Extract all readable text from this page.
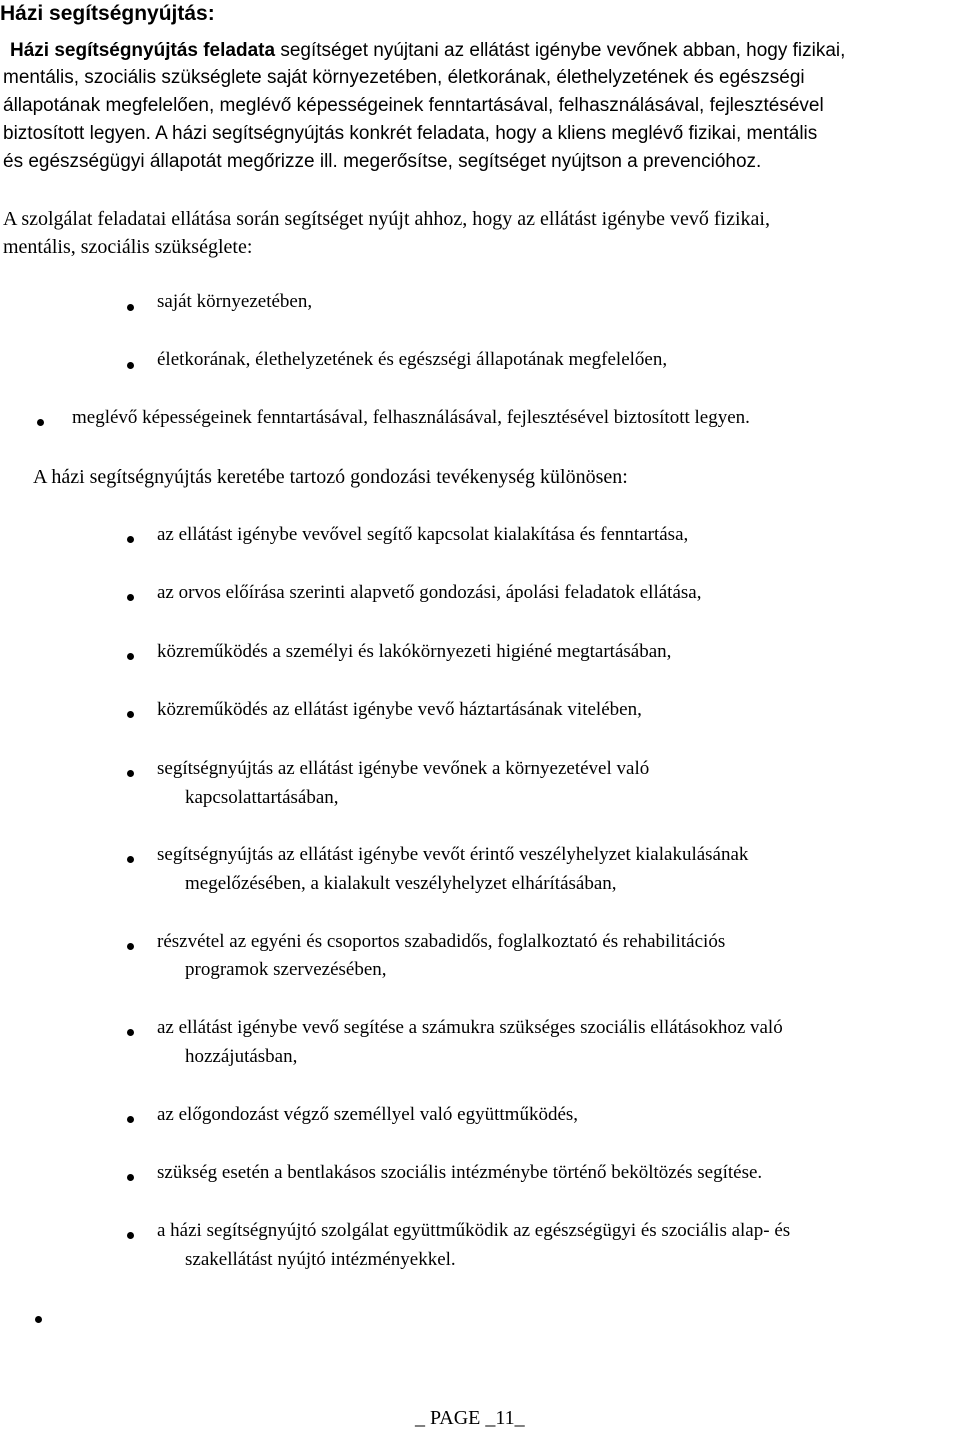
Házi segítségnyújtás:
Házi segítségnyújtás feladata segítséget nyújtani az ellátást igénybe vevőnek abban, hogy fizikai,
mentális, szociális szükséglete saját környezetében, életkorának, élethelyzetének és egészségi
állapotának megfelelően, meglévő képességeinek fenntartásával, felhasználásával, fejlesztésével
biztosított legyen. A házi segítségnyújtás konkrét feladata, hogy a kliens meglévő fizikai, mentális
és egészségügyi állapotát megőrizze ill. megerősítse, segítséget nyújtson a prevencióhoz.
A szolgálat feladatai ellátása során segítséget nyújt ahhoz, hogy az ellátást igénybe vevő fizikai,
mentális, szociális szükséglete:
saját környezetében,
életkorának, élethelyzetének és egészségi állapotának megfelelően,
meglévő képességeinek fenntartásával, felhasználásával, fejlesztésével biztosított legyen.
A házi segítségnyújtás keretébe tartozó gondozási tevékenység különösen:
az ellátást igénybe vevővel segítő kapcsolat kialakítása és fenntartása,
az orvos előírása szerinti alapvető gondozási, ápolási feladatok ellátása,
közreműködés a személyi és lakókörnyezeti higiéné megtartásában,
közreműködés az ellátást igénybe vevő háztartásának vitelében,
segítségnyújtás az ellátást igénybe vevőnek a környezetével való
kapcsolattartásában,
segítségnyújtás az ellátást igénybe vevőt érintő veszélyhelyzet kialakulásának
megelőzésében, a kialakult veszélyhelyzet elhárításában,
részvétel az egyéni és csoportos szabadidős, foglalkoztató és rehabilitációs
programok szervezésében,
az ellátást igénybe vevő segítése a számukra szükséges szociális ellátásokhoz való
hozzájutásban,
az előgondozást végző személlyel való együttműködés,
szükség esetén a bentlakásos szociális intézménybe történő beköltözés segítése.
a házi segítségnyújtó szolgálat együttműködik az egészségügyi és szociális alap- és
szakellátást nyújtó intézményekkel.
_ PAGE _11_
